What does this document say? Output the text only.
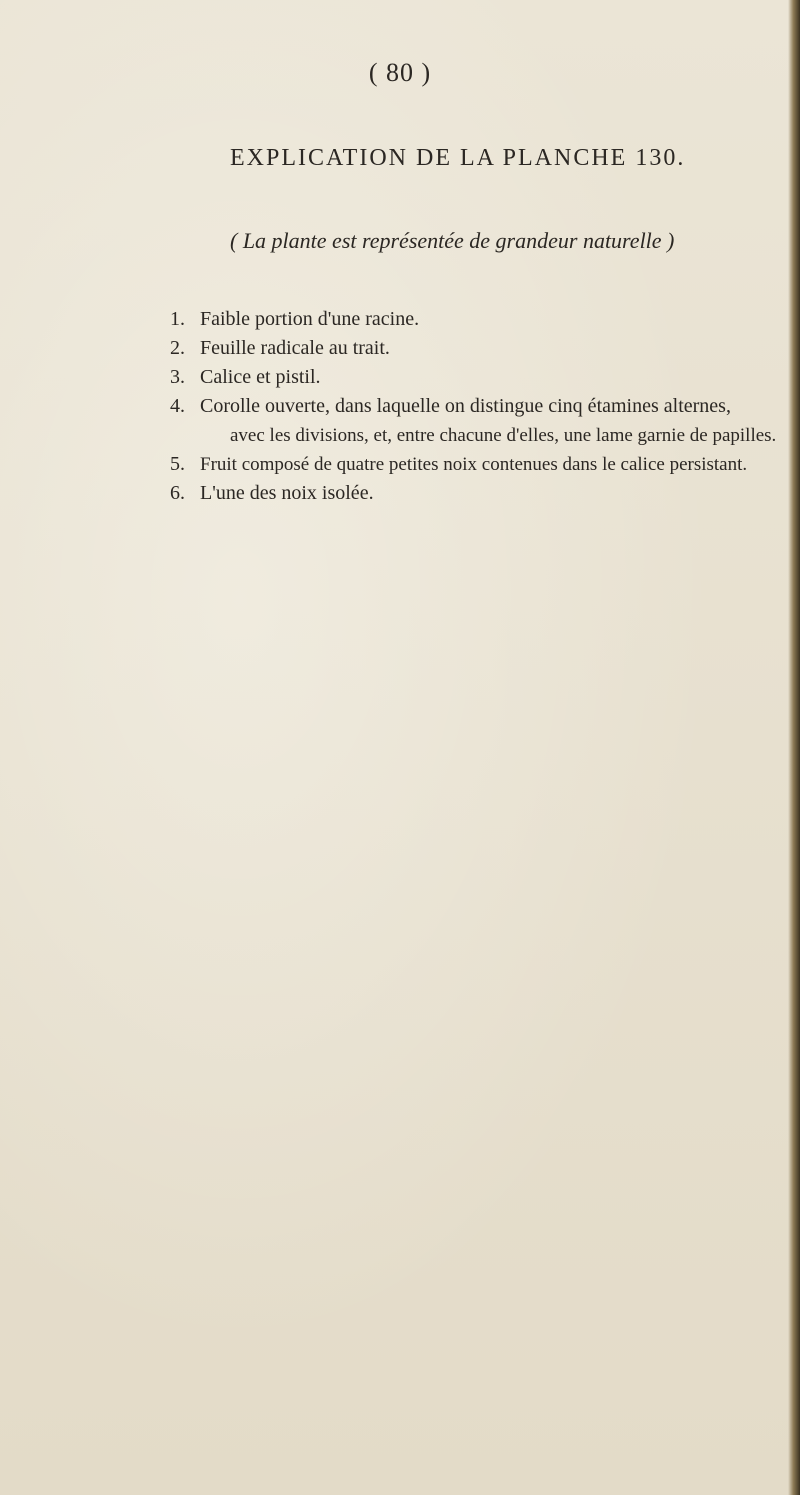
( 80 )
EXPLICATION DE LA PLANCHE 130.
( La plante est représentée de grandeur naturelle )
1. Faible portion d'une racine.
2. Feuille radicale au trait.
3. Calice et pistil.
4. Corolle ouverte, dans laquelle on distingue cinq étamines alternes,
avec les divisions, et, entre chacune d'elles, une lame garnie de papilles.
5. Fruit composé de quatre petites noix contenues dans le calice persistant.
6. L'une des noix isolée.
